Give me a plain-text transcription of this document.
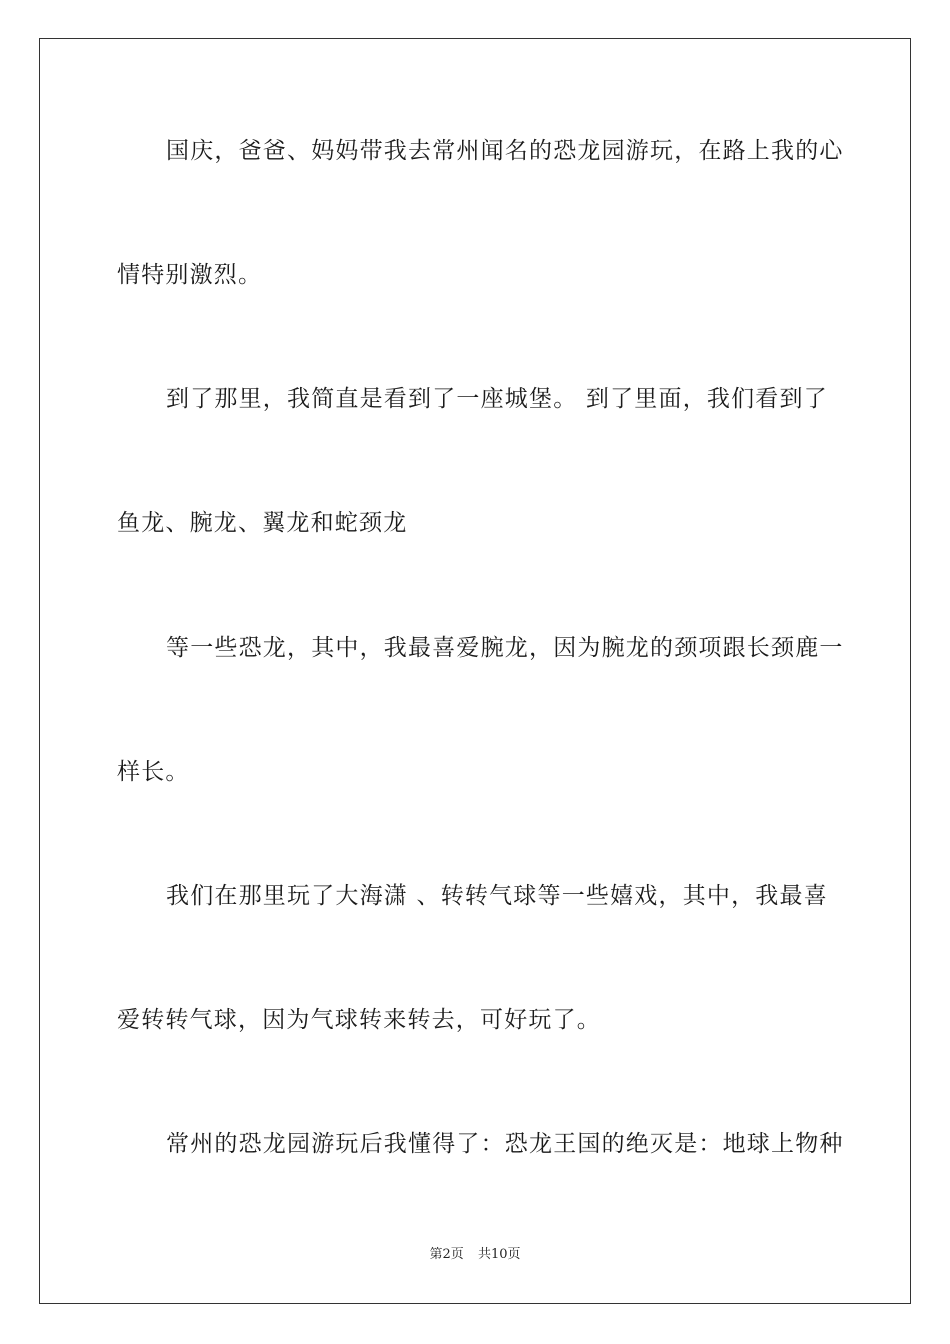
国庆，爸爸、妈妈带我去常州闻名的恐龙园游玩，在路上我的心
情特别激烈。
到了那里，我简直是看到了一座城堡。 到了里面，我们看到了
鱼龙、腕龙、翼龙和蛇颈龙
等一些恐龙，其中，我最喜爱腕龙，因为腕龙的颈项跟长颈鹿一
样长。
我们在那里玩了大海潇 、转转气球等一些嬉戏，其中，我最喜
爱转转气球，因为气球转来转去，可好玩了。
常州的恐龙园游玩后我懂得了：恐龙王国的绝灭是：地球上物种
第2页 共10页
